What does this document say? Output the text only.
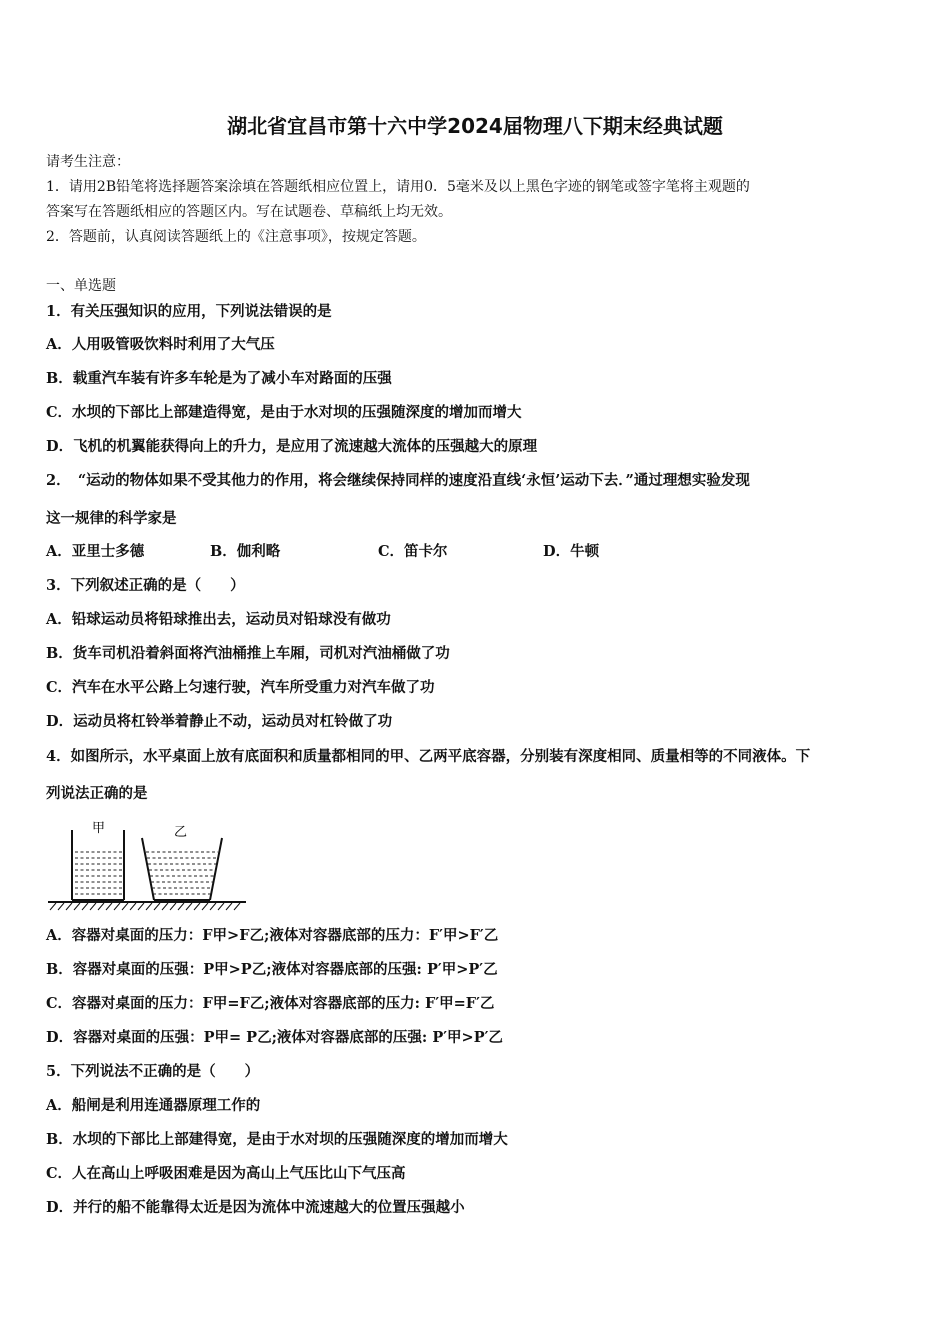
湖北省宜昌市第十六中学2024届物理八下期末经典试题
请考生注意：
1．请用2B铅笔将选择题答案涂填在答题纸相应位置上，请用0．5毫米及以上黑色字迹的钢笔或签字笔将主观题的
答案写在答题纸相应的答题区内。写在试题卷、草稿纸上均无效。
2．答题前，认真阅读答题纸上的《注意事项》，按规定答题。
一、单选题
1．有关压强知识的应用，下列说法错误的是
A．人用吸管吸饮料时利用了大气压
B．载重汽车装有许多车轮是为了减小车对路面的压强
C．水坝的下部比上部建造得宽，是由于水对坝的压强随深度的增加而增大
D．飞机的机翼能获得向上的升力，是应用了流速越大流体的压强越大的原理
2．　“运动的物体如果不受其他力的作用，将会继续保持同样的速度沿直线‘永恒’运动下去．”通过理想实验发现
这一规律的科学家是
A．亚里士多德	B．伽利略	C．笛卡尔	D．牛顿
3．下列叙述正确的是（　　）
A．铅球运动员将铅球推出去，运动员对铅球没有做功
B．货车司机沿着斜面将汽油桶推上车厢，司机对汽油桶做了功
C．汽车在水平公路上匀速行驶，汽车所受重力对汽车做了功
D．运动员将杠铃举着静止不动，运动员对杠铃做了功
4．如图所示，水平桌面上放有底面积和质量都相同的甲、乙两平底容器，分别装有深度相同、质量相等的不同液体。下
列说法正确的是
甲	乙
A．容器对桌面的压力：F甲>F乙;液体对容器底部的压力：F′甲>F′乙
B．容器对桌面的压强：P甲>P乙;液体对容器底部的压强: P′甲>P′乙
C．容器对桌面的压力：F甲=F乙;液体对容器底部的压力: F′甲=F′乙
D．容器对桌面的压强：P甲= P乙;液体对容器底部的压强: P′甲>P′乙
5．下列说法不正确的是（　　）
A．船闸是利用连通器原理工作的
B．水坝的下部比上部建得宽，是由于水对坝的压强随深度的增加而增大
C．人在高山上呼吸困难是因为高山上气压比山下气压高
D．并行的船不能靠得太近是因为流体中流速越大的位置压强越小
